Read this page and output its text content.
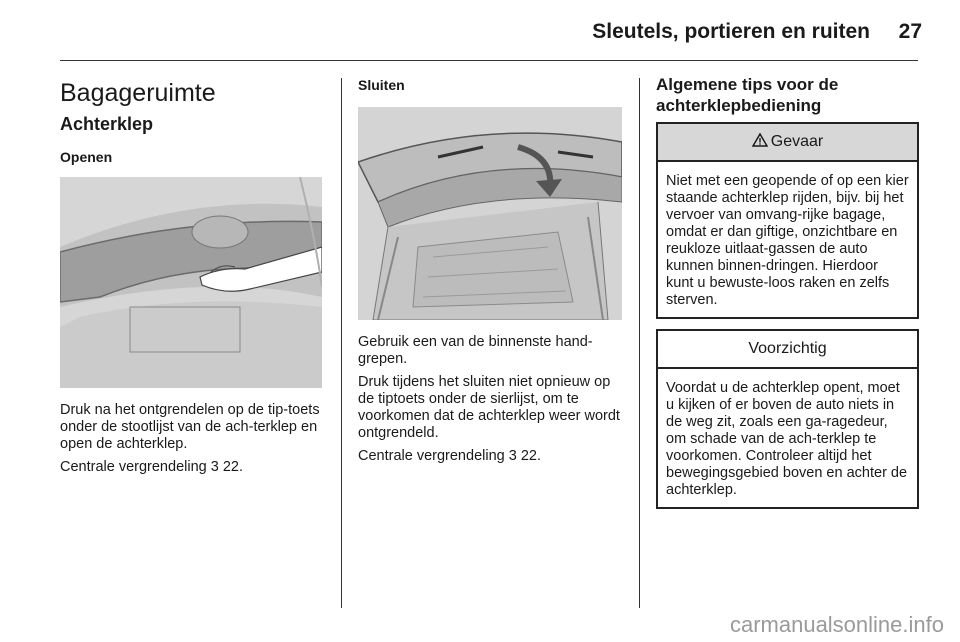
Sleutels, portieren en ruiten 27
Bagageruimte
Achterklep
Openen

Druk na het ontgrendelen op de tip-toets onder de stootlijst van de ach-terklep en open de achterklep.

Centrale vergrendeling 3 22.

Sluiten

Gebruik een van de binnenste hand-grepen.

Druk tijdens het sluiten niet opnieuw op de tiptoets onder de sierlijst, om te voorkomen dat de achterklep weer wordt ontgrendeld.

Centrale vergrendeling 3 22.

Algemene tips voor de achterklepbediening
Gevaar
Niet met een geopende of op een kier staande achterklep rijden, bijv. bij het vervoer van omvang-rijke bagage, omdat er dan giftige, onzichtbare en reukloze uitlaat-gassen de auto kunnen binnen-dringen. Hierdoor kunt u bewuste-loos raken en zelfs sterven.
Voorzichtig
Voordat u de achterklep opent, moet u kijken of er boven de auto niets in de weg zit, zoals een ga-ragedeur, om schade van de ach-terklep te voorkomen. Controleer altijd het bewegingsgebied boven en achter de achterklep.
carmanualsonline.info
